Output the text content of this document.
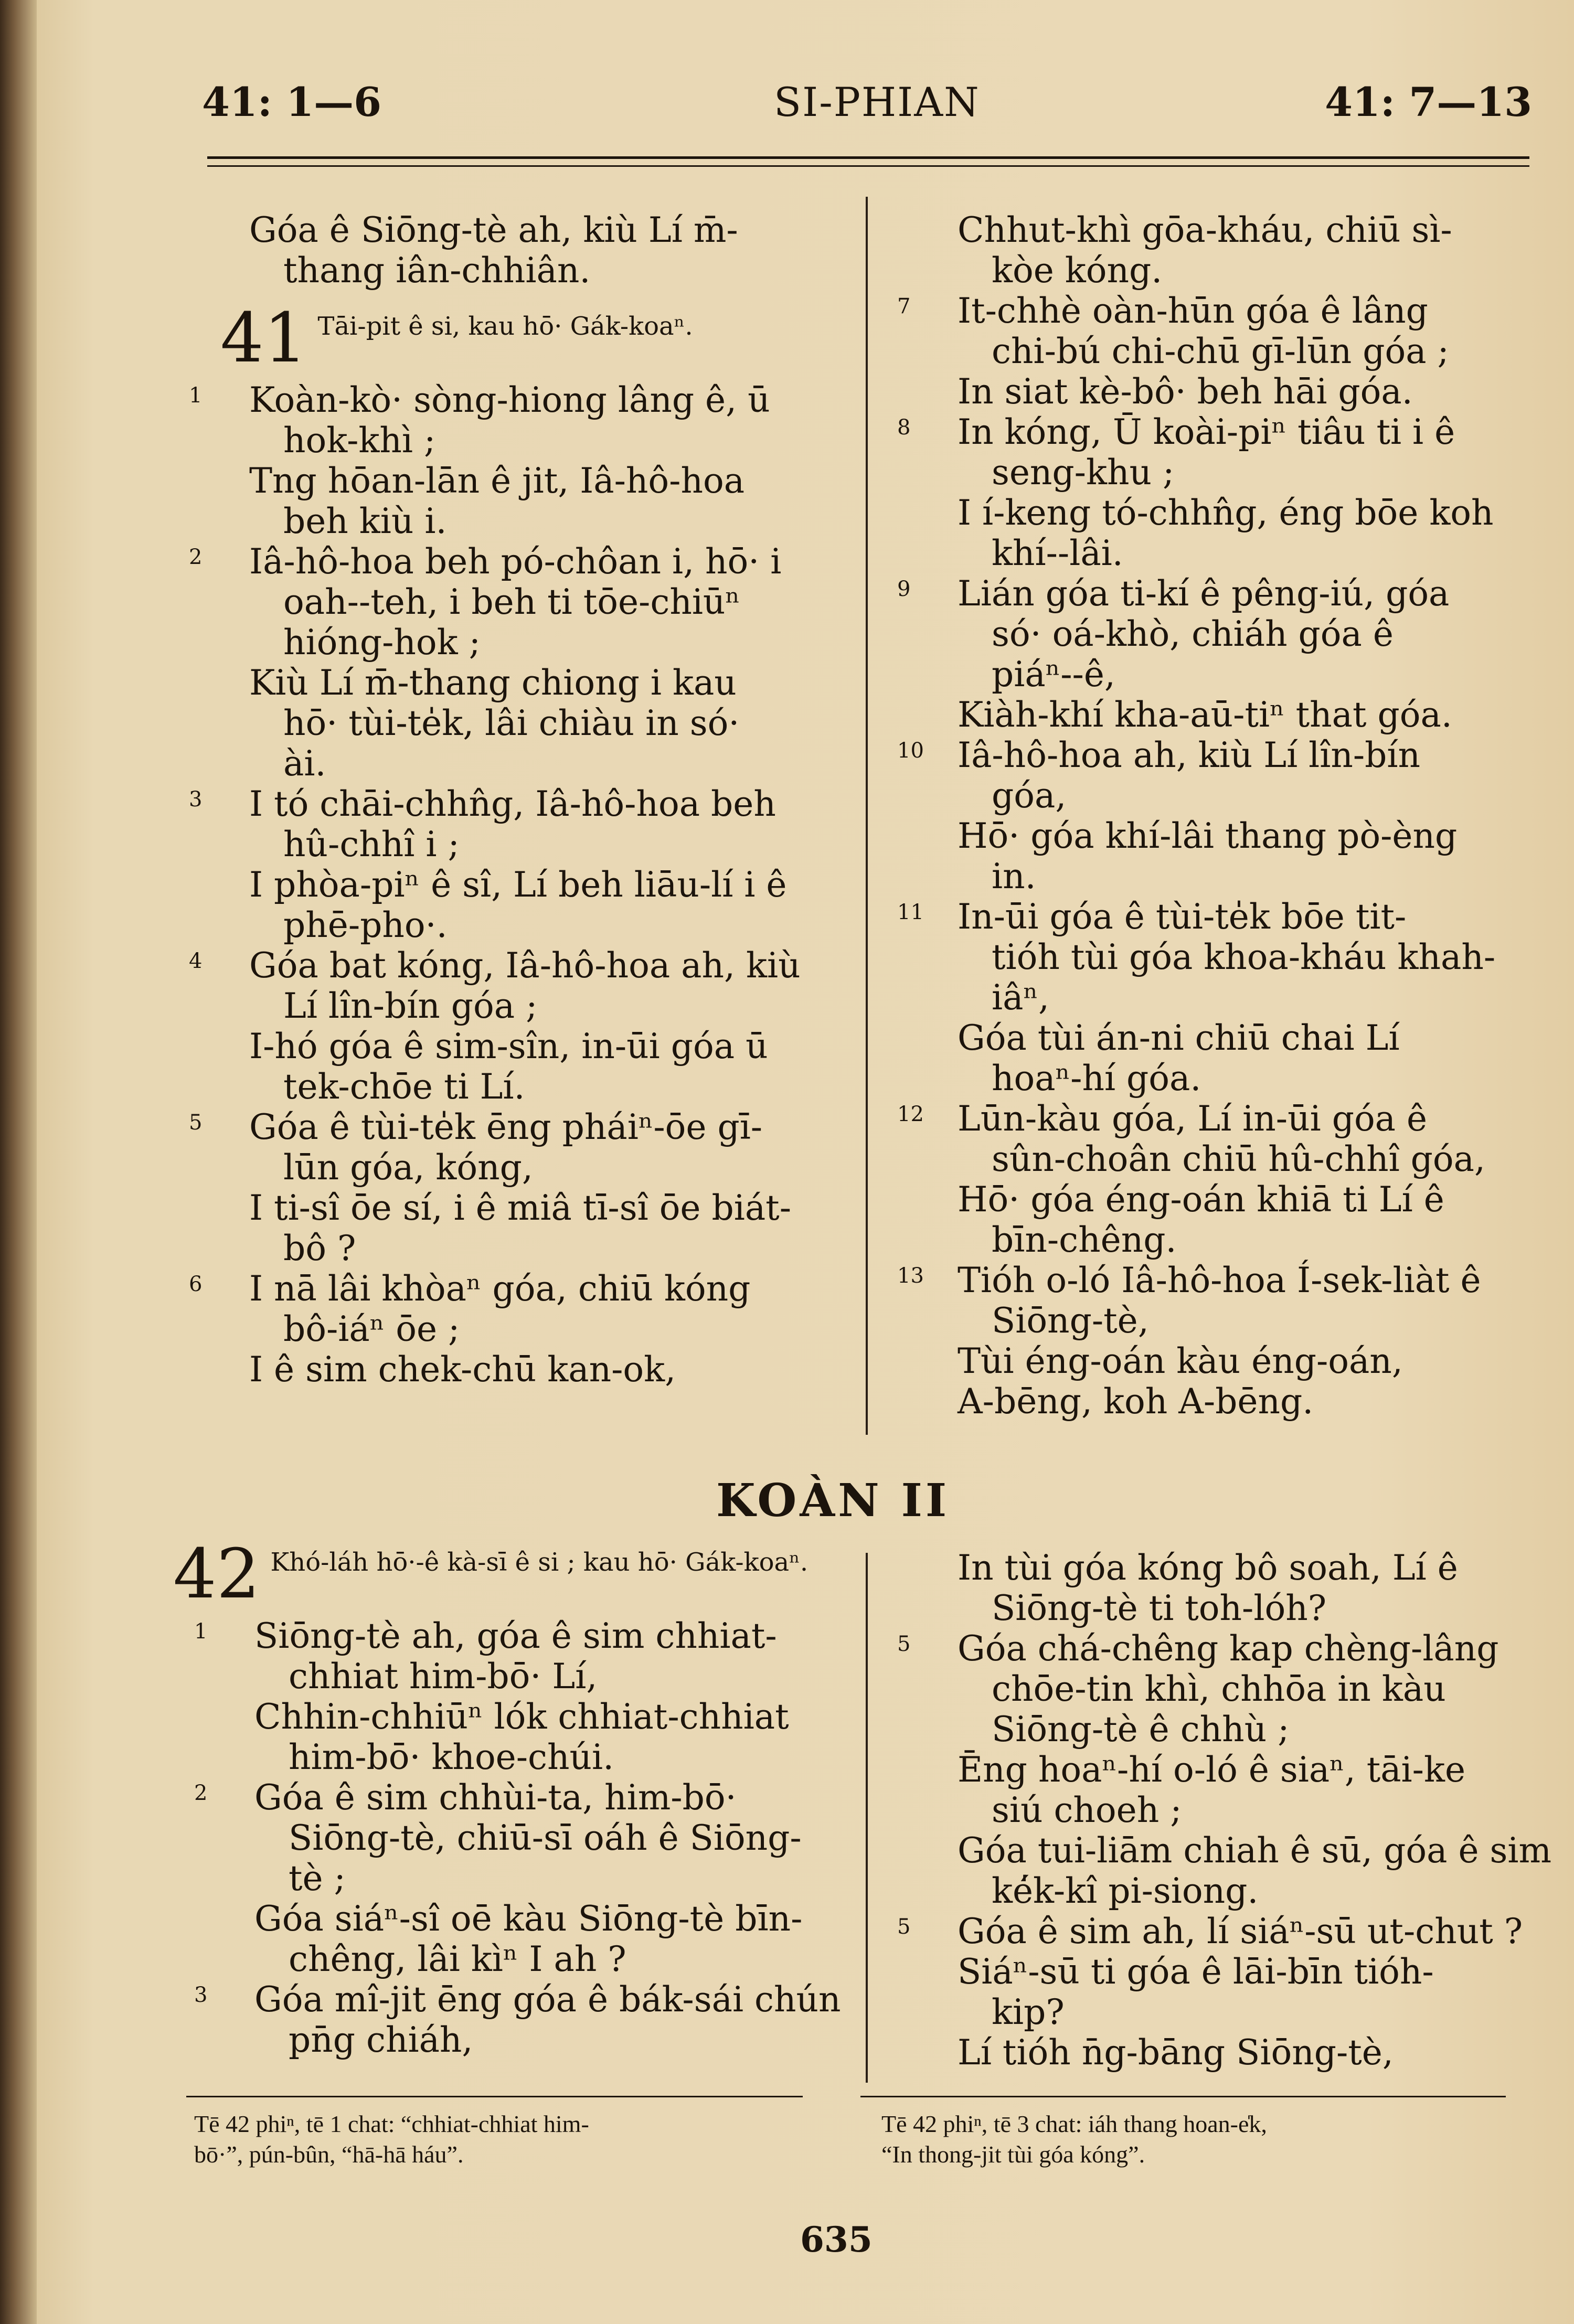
41: 1—6	SI-PHIAN	41: 7—13
Góa ê Siōng-tè ah, kiù Lí m̄-
thang iân-chhiân.
41 Tāi-pit ê si, kau hō· Gák-koaⁿ.
1 Koàn-kò· sòng-hiong lâng ê, ū
hok-khì ;
Tng hōan-lān ê jit, Iâ-hô-hoa
beh kiù i.
2 Iâ-hô-hoa beh pó-chôan i, hō· i
oah--teh, i beh ti tōe-chiūⁿ
hióng-hok ;
Kiù Lí m̄-thang chiong i kau
hō· tùi-te̍k, lâi chiàu in só·
ài.
3 I tó chāi-chhn̂g, Iâ-hô-hoa beh
hû-chhî i ;
I phòa-piⁿ ê sî, Lí beh liāu-lí i ê
phē-pho·.
4 Góa bat kóng, Iâ-hô-hoa ah, kiù
Lí lîn-bín góa ;
I-hó góa ê sim-sîn, in-ūi góa ū
tek-chōe ti Lí.
5 Góa ê tùi-te̍k ēng pháiⁿ-ōe gī-
lūn góa, kóng,
I ti-sî ōe sí, i ê miâ tī-sî ōe biát-
bô ?
6 I nā lâi khòaⁿ góa, chiū kóng
bô-iáⁿ ōe ;
I ê sim chek-chū kan-ok,
Chhut-khì gōa-kháu, chiū sì-
kòe kóng.
7 It-chhè oàn-hūn góa ê lâng
chi-bú chi-chū gī-lūn góa ;
In siat kè-bô· beh hāi góa.
8 In kóng, Ū koài-piⁿ tiâu ti i ê
seng-khu ;
I í-keng tó-chhn̂g, éng bōe koh
khí--lâi.
9 Lián góa ti-kí ê pêng-iú, góa
só· oá-khò, chiáh góa ê
piáⁿ--ê,
Kiàh-khí kha-aū-tiⁿ that góa.
10 Iâ-hô-hoa ah, kiù Lí lîn-bín
góa,
Hō· góa khí-lâi thang pò-èng
in.
11 In-ūi góa ê tùi-te̍k bōe tit-
tióh tùi góa khoa-kháu khah-
iâⁿ,
Góa tùi án-ni chiū chai Lí
hoaⁿ-hí góa.
12 Lūn-kàu góa, Lí in-ūi góa ê
sûn-choân chiū hû-chhî góa,
Hō· góa éng-oán khiā ti Lí ê
bīn-chêng.
13 Tióh o-ló Iâ-hô-hoa Í-sek-liàt ê
Siōng-tè,
Tùi éng-oán kàu éng-oán,
A-bēng, koh A-bēng.
KOÀN II
42 Khó-láh hō·-ê kà-sī ê si ; kau hō· Gák-koaⁿ.
1 Siōng-tè ah, góa ê sim chhiat-
chhiat him-bō· Lí,
Chhin-chhiūⁿ lók chhiat-chhiat
him-bō· khoe-chúi.
2 Góa ê sim chhùi-ta, him-bō·
Siōng-tè, chiū-sī oáh ê Siōng-
tè ;
Góa siáⁿ-sî oē kàu Siōng-tè bīn-
chêng, lâi kìⁿ I ah ?
3 Góa mî-jit ēng góa ê bák-sái chún
pn̄g chiáh,
In tùi góa kóng bô soah, Lí ê
Siōng-tè ti toh-lóh?
5 Góa chá-chêng kap chèng-lâng
chōe-tin khì, chhōa in kàu
Siōng-tè ê chhù ;
Ēng hoaⁿ-hí o-ló ê siaⁿ, tāi-ke
siú choeh ;
Góa tui-liām chiah ê sū, góa ê sim
ké̍k-kî pi-siong.
5 Góa ê sim ah, lí siáⁿ-sū ut-chut ?
Siáⁿ-sū ti góa ê lāi-bīn tióh-
kip?
Lí tióh n̄g-bāng Siōng-tè,
Tē 42 phiⁿ, tē 1 chat: “chhiat-chhiat him-
bō·”, pún-bûn, “hā-hā háu”.
Tē 42 phiⁿ, tē 3 chat: iáh thang hoan-e̍k,
“In thong-jit tùi góa kóng”.
635
